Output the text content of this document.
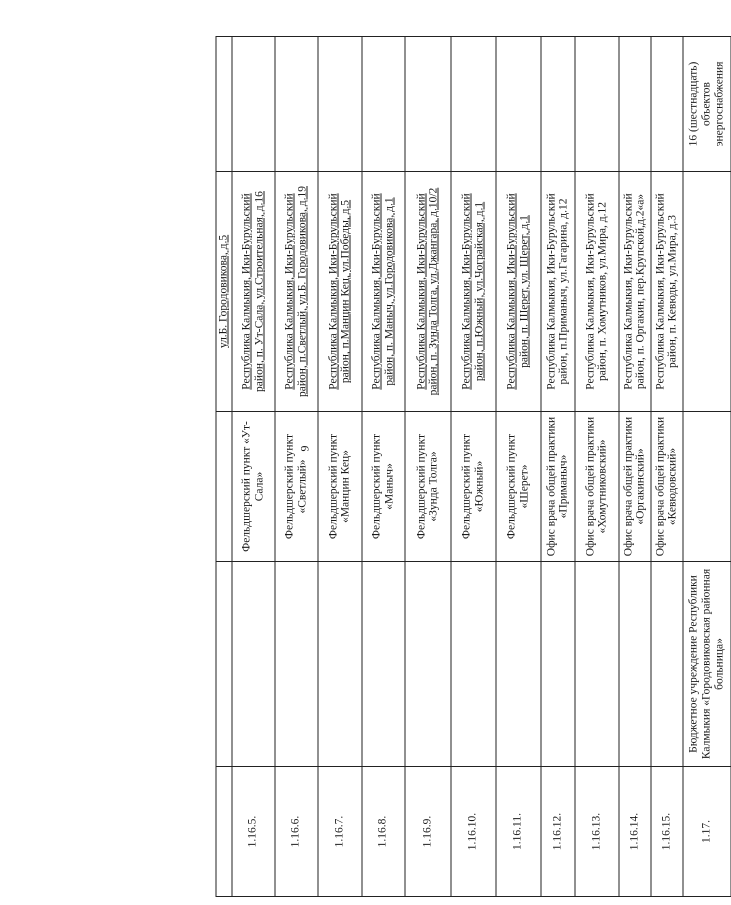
9
			ул.Б. Городовикова, д.5	
1.16.5.		Фельдшерский пункт «Ут-Сала»	Республика Калмыкия, Ики-Бурульский район, п. Ут-Сала, ул.Строительная, д.16	
1.16.6.		Фельдшерский пункт «Светлый»	Республика Калмыкия, Ики-Бурульский район, п.Светлый, ул.Б. Городовикова, д.19	
1.16.7.		Фельдшерский пункт «Манцин Кец»	Республика Калмыкия, Ики-Бурульский район, п.Манцин Кец, ул.Победы, д.5	
1.16.8.		Фельдшерский пункт «Маныч»	Республика Калмыкия, Ики-Бурульский район, п. Маныч, ул.Городовикова, д.1	
1.16.9.		Фельдшерский пункт «Зунда Толга»	Республика Калмыкия, Ики-Бурульский район, п. Зунда Толга, ул.Джангара, д.10/2	
1.16.10.		Фельдшерский пункт «Южный»	Республика Калмыкия, Ики-Бурульский район, п.Южный, ул.Чограйская, д.1	
1.16.11.		Фельдшерский пункт «Шерет»	Республика Калмыкия, Ики-Бурульский район, п. Шерет, ул. Шерет, д.1	
1.16.12.		Офис врача общей практики «Приманыч»	Республика Калмыкия, Ики-Бурульский район, п.Приманыч, ул.Гагарина, д.12	
1.16.13.		Офис врача общей практики «Хомутниковский»	Республика Калмыкия, Ики-Бурульский район, п. Хомутников, ул.Мира, д.12	
1.16.14.		Офис врача общей практики «Оргакинский»	Республика Калмыкия, Ики-Бурульский район, п. Оргакин, пер.Крупской,д.2«а»	
1.16.15.		Офис врача общей практики «Кевюдовский»	Республика Калмыкия, Ики-Бурульский район, п. Кевюды, ул.Мира, д.3	
1.17.	Бюджетное учреждение Республики Калмыкия «Городовиковская районная больница»			16 (шестнадцать) объектов энергоснабжения
